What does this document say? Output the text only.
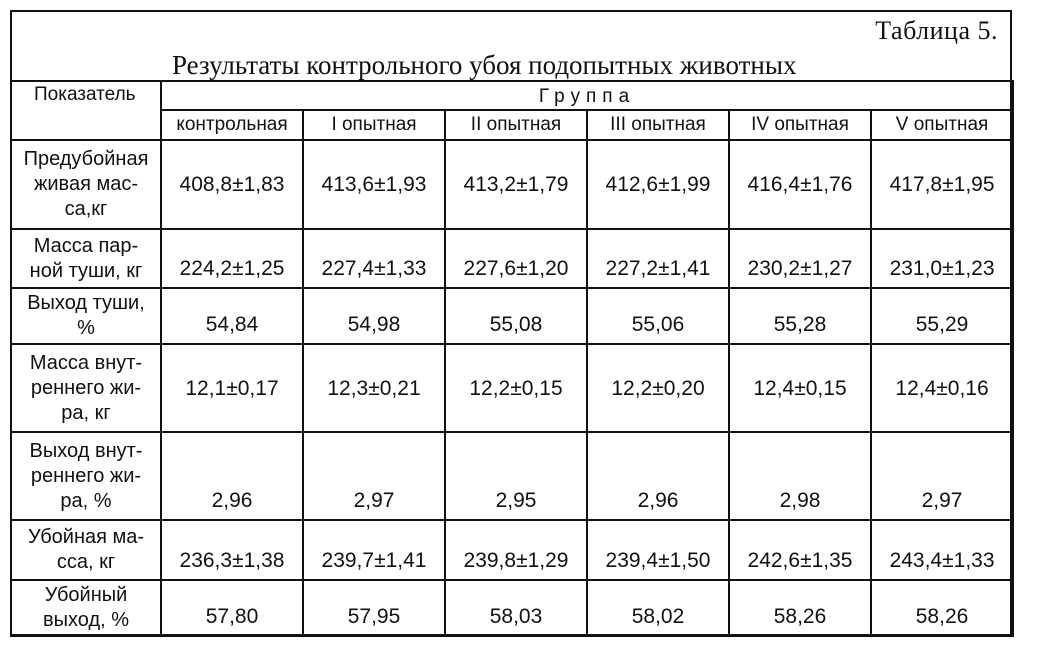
Таблица 5.
Результаты контрольного убоя подопытных животных
Показатель	Группа					
	контрольная	I опытная	II опытная	III опытная	IV опытная	V опытная

Предубойная
живая мас-
са,кг	408,8±1,83	413,6±1,93	413,2±1,79	412,6±1,99	416,4±1,76	417,8±1,95

Масса пар-
ной туши, кг	224,2±1,25	227,4±1,33	227,6±1,20	227,2±1,41	230,2±1,27	231,0±1,23

Выход туши,
%	54,84	54,98	55,08	55,06	55,28	55,29

Масса внут-
реннего жи-
ра, кг	12,1±0,17	12,3±0,21	12,2±0,15	12,2±0,20	12,4±0,15	12,4±0,16

Выход внут-
реннего жи-
ра, %	2,96	2,97	2,95	2,96	2,98	2,97

Убойная ма-
сса, кг	236,3±1,38	239,7±1,41	239,8±1,29	239,4±1,50	242,6±1,35	243,4±1,33

Убойный
выход, %	57,80	57,95	58,03	58,02	58,26	58,26
